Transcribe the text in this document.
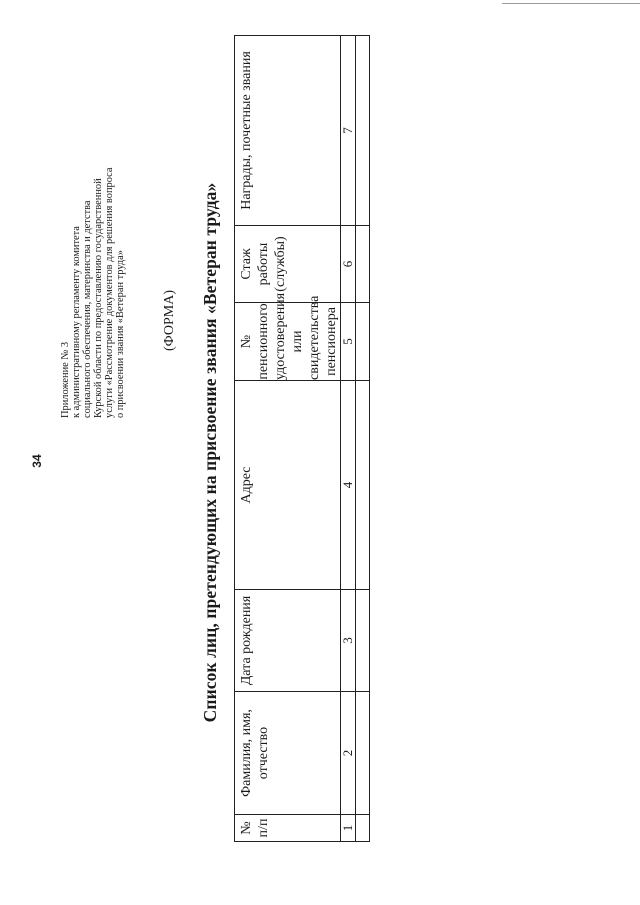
34
Приложение № 3 к административному регламенту комитета социального обеспечения, материнства и детства Курской области по предоставлению государственной услуги «Рассмотрение документов для решения вопроса о присвоении звания «Ветеран труда»	(ФОРМА) Список лиц, претендующих на присвоение звания «Ветеран труда»
№ п/п	Фамилия, имя, отчество	Дата рождения	Адрес	№ пенсионного удостоверения или свидетельства пенсионера	Стаж работы (службы)	Награды, почетные звания
1	2	3	4	5	6	7
